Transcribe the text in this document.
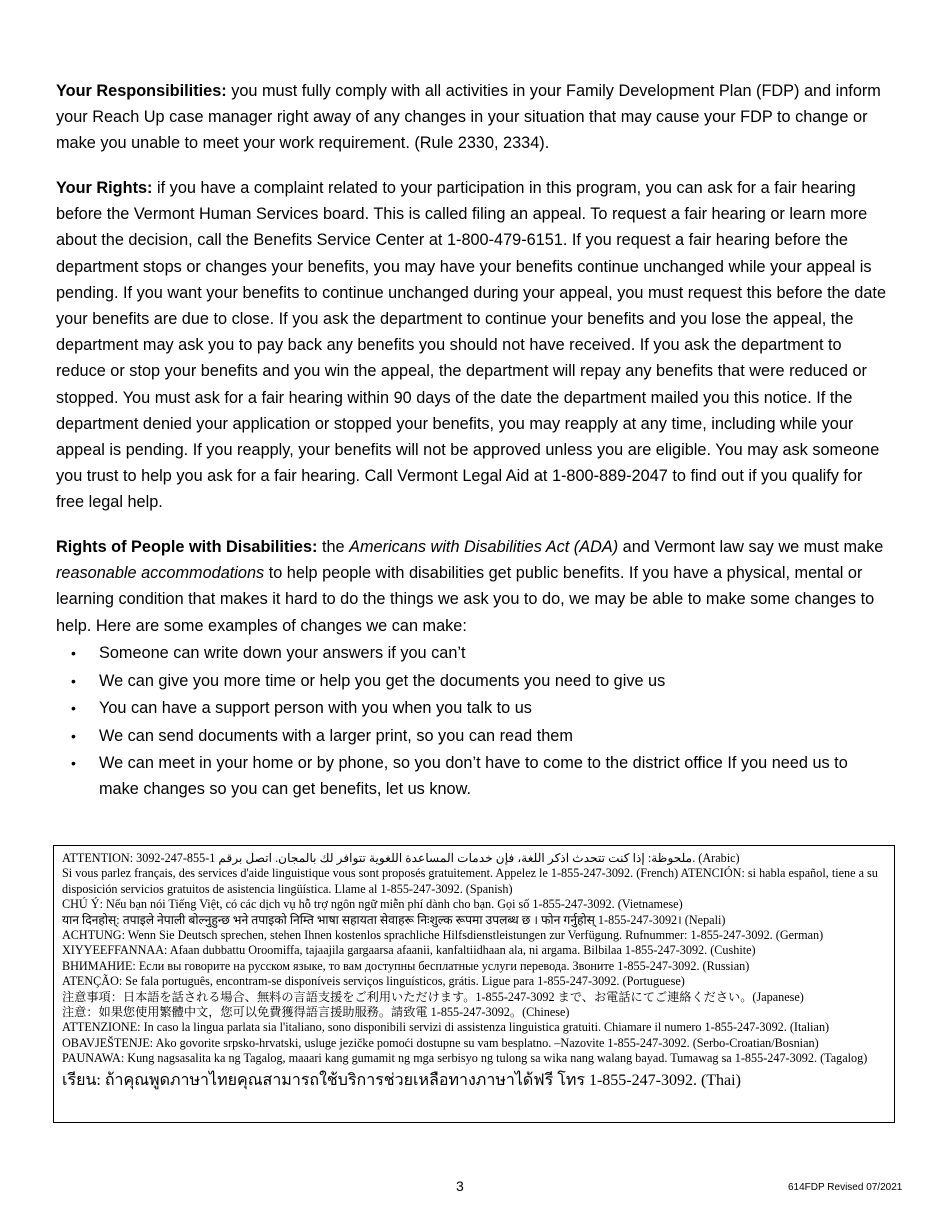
Your Responsibilities: you must fully comply with all activities in your Family Development Plan (FDP) and inform your Reach Up case manager right away of any changes in your situation that may cause your FDP to change or make you unable to meet your work requirement. (Rule 2330, 2334).

Your Rights: if you have a complaint related to your participation in this program, you can ask for a fair hearing before the Vermont Human Services board. This is called filing an appeal. To request a fair hearing or learn more about the decision, call the Benefits Service Center at 1-800-479-6151. If you request a fair hearing before the department stops or changes your benefits, you may have your benefits continue unchanged while your appeal is pending. If you want your benefits to continue unchanged during your appeal, you must request this before the date your benefits are due to close. If you ask the department to continue your benefits and you lose the appeal, the department may ask you to pay back any benefits you should not have received. If you ask the department to reduce or stop your benefits and you win the appeal, the department will repay any benefits that were reduced or stopped. You must ask for a fair hearing within 90 days of the date the department mailed you this notice. If the department denied your application or stopped your benefits, you may reapply at any time, including while your appeal is pending. If you reapply, your benefits will not be approved unless you are eligible. You may ask someone you trust to help you ask for a fair hearing. Call Vermont Legal Aid at 1-800-889-2047 to find out if you qualify for free legal help.

Rights of People with Disabilities: the Americans with Disabilities Act (ADA) and Vermont law say we must make reasonable accommodations to help people with disabilities get public benefits. If you have a physical, mental or learning condition that makes it hard to do the things we ask you to do, we may be able to make some changes to help. Here are some examples of changes we can make:

• Someone can write down your answers if you can’t
• We can give you more time or help you get the documents you need to give us
• You can have a support person with you when you talk to us
• We can send documents with a larger print, so you can read them
• We can meet in your home or by phone, so you don’t have to come to the district office If you need us to make changes so you can get benefits, let us know.
ATTENTION: ملحوظة: إذا كنت تتحدث اذكر اللغة، فإن خدمات المساعدة اللغوية تتوافر لك بالمجان. اتصل برقم 1-855-247-3092. (Arabic)
Si vous parlez français, des services d'aide linguistique vous sont proposés gratuitement. Appelez le 1-855-247-3092. (French) ATENCIÓN: si habla español, tiene a su disposición servicios gratuitos de asistencia lingüística. Llame al 1-855-247-3092. (Spanish)
CHÚ Ý: Nếu bạn nói Tiếng Việt, có các dịch vụ hỗ trợ ngôn ngữ miễn phí dành cho bạn. Gọi số 1-855-247-3092. (Vietnamese)
यान दिनहोस्: तपाइले नेपाली बोल्नुहुन्छ भने तपाइको निम्ति भाषा सहायता सेवाहरू निःशुल्क रूपमा उपलब्ध छ । फोन गर्नुहोस् 1-855-247-3092। (Nepali)
ACHTUNG: Wenn Sie Deutsch sprechen, stehen Ihnen kostenlos sprachliche Hilfsdienstleistungen zur Verfügung. Rufnummer: 1-855-247-3092. (German)
XIYYEEFFANNAA: Afaan dubbattu Oroomiffa, tajaajila gargaarsa afaanii, kanfaltiidhaan ala, ni argama. Bilbilaa 1-855-247-3092. (Cushite)
ВНИМАНИЕ: Если вы говорите на русском языке, то вам доступны бесплатные услуги перевода. Звоните 1-855-247-3092. (Russian)
ATENÇÃO: Se fala português, encontram-se disponíveis serviços linguísticos, grátis. Ligue para 1-855-247-3092. (Portuguese)
注意事項：日本語を話される場合、無料の言語支援をご利用いただけます。1-855-247-3092 まで、お電話にてご連絡ください。(Japanese)
注意：如果您使用繁體中文，您可以免費獲得語言援助服務。請致電 1-855-247-3092。(Chinese)
ATTENZIONE: In caso la lingua parlata sia l'italiano, sono disponibili servizi di assistenza linguistica gratuiti. Chiamare il numero 1-855-247-3092. (Italian)
OBAVJEŠTENJE: Ako govorite srpsko-hrvatski, usluge jezičke pomoći dostupne su vam besplatno. –Nazovite 1-855-247-3092. (Serbo-Croatian/Bosnian)
PAUNAWA: Kung nagsasalita ka ng Tagalog, maaari kang gumamit ng mga serbisyo ng tulong sa wika nang walang bayad. Tumawag sa 1-855-247-3092. (Tagalog)
เรียน: ถ้าคุณพูดภาษาไทยคุณสามารถใช้บริการช่วยเหลือทางภาษาได้ฟรี โทร 1-855-247-3092. (Thai)
3	614FDP Revised 07/2021
